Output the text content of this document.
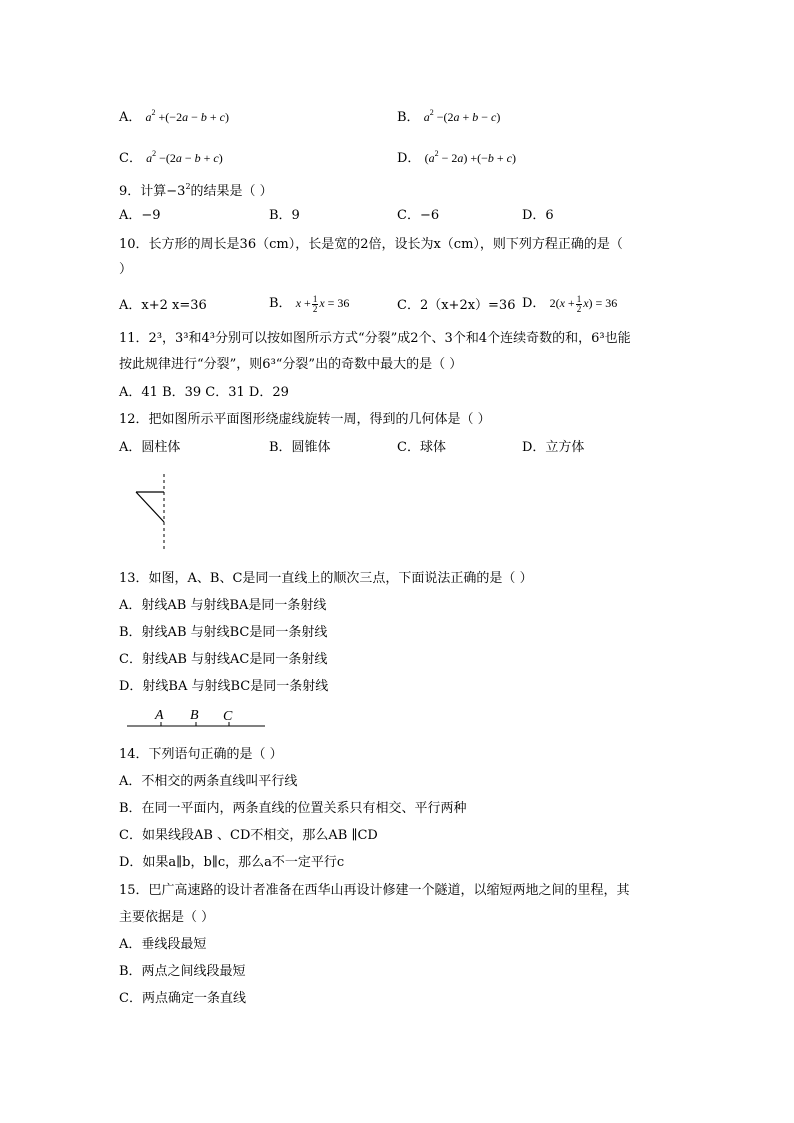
A． $a^2 +(-2a - b + c)$	B． $a^2 -(2a + b - c)$
C． $a^2 -(2a - b + c)$	D． $(a^2 - 2a) +(-b + c)$
9．计算$-3^2$的结果是（ ）
A．−9	B．9	C．−6	D．6
10．长方形的周长是36（cm），长是宽的2倍，设长为x（cm），则下列方程正确的是（
）
A．x+2 x=36	B． $x + \frac{1}{2}$ x = 36	C．2（x+2x）=36 D． $2(x + \frac{1}{2} x) = 36$
11．2³，3³和4³分别可以按如图所示方式“分裂”成2个、3个和4个连续奇数的和，6³也能
按此规律进行“分裂”，则6³“分裂”出的奇数中最大的是（ ）
A．41 B．39 C．31 D．29
12．把如图所示平面图形绕虚线旋转一周，得到的几何体是（ ）
A．圆柱体	B．圆锥体	C．球体	D．立方体
13．如图，A、B、C是同一直线上的顺次三点，下面说法正确的是（ ）
A．射线AB 与射线BA是同一条射线
B．射线AB 与射线BC是同一条射线
C．射线AB 与射线AC是同一条射线
D．射线BA 与射线BC是同一条射线
A B C
14．下列语句正确的是（ ）
A．不相交的两条直线叫平行线
B．在同一平面内，两条直线的位置关系只有相交、平行两种
C．如果线段AB 、CD不相交，那么AB ∥CD
D．如果a∥b，b∥c，那么a不一定平行c
15．巴广高速路的设计者准备在西华山再设计修建一个隧道，以缩短两地之间的里程，其
主要依据是（ ）
A．垂线段最短
B．两点之间线段最短
C．两点确定一条直线
